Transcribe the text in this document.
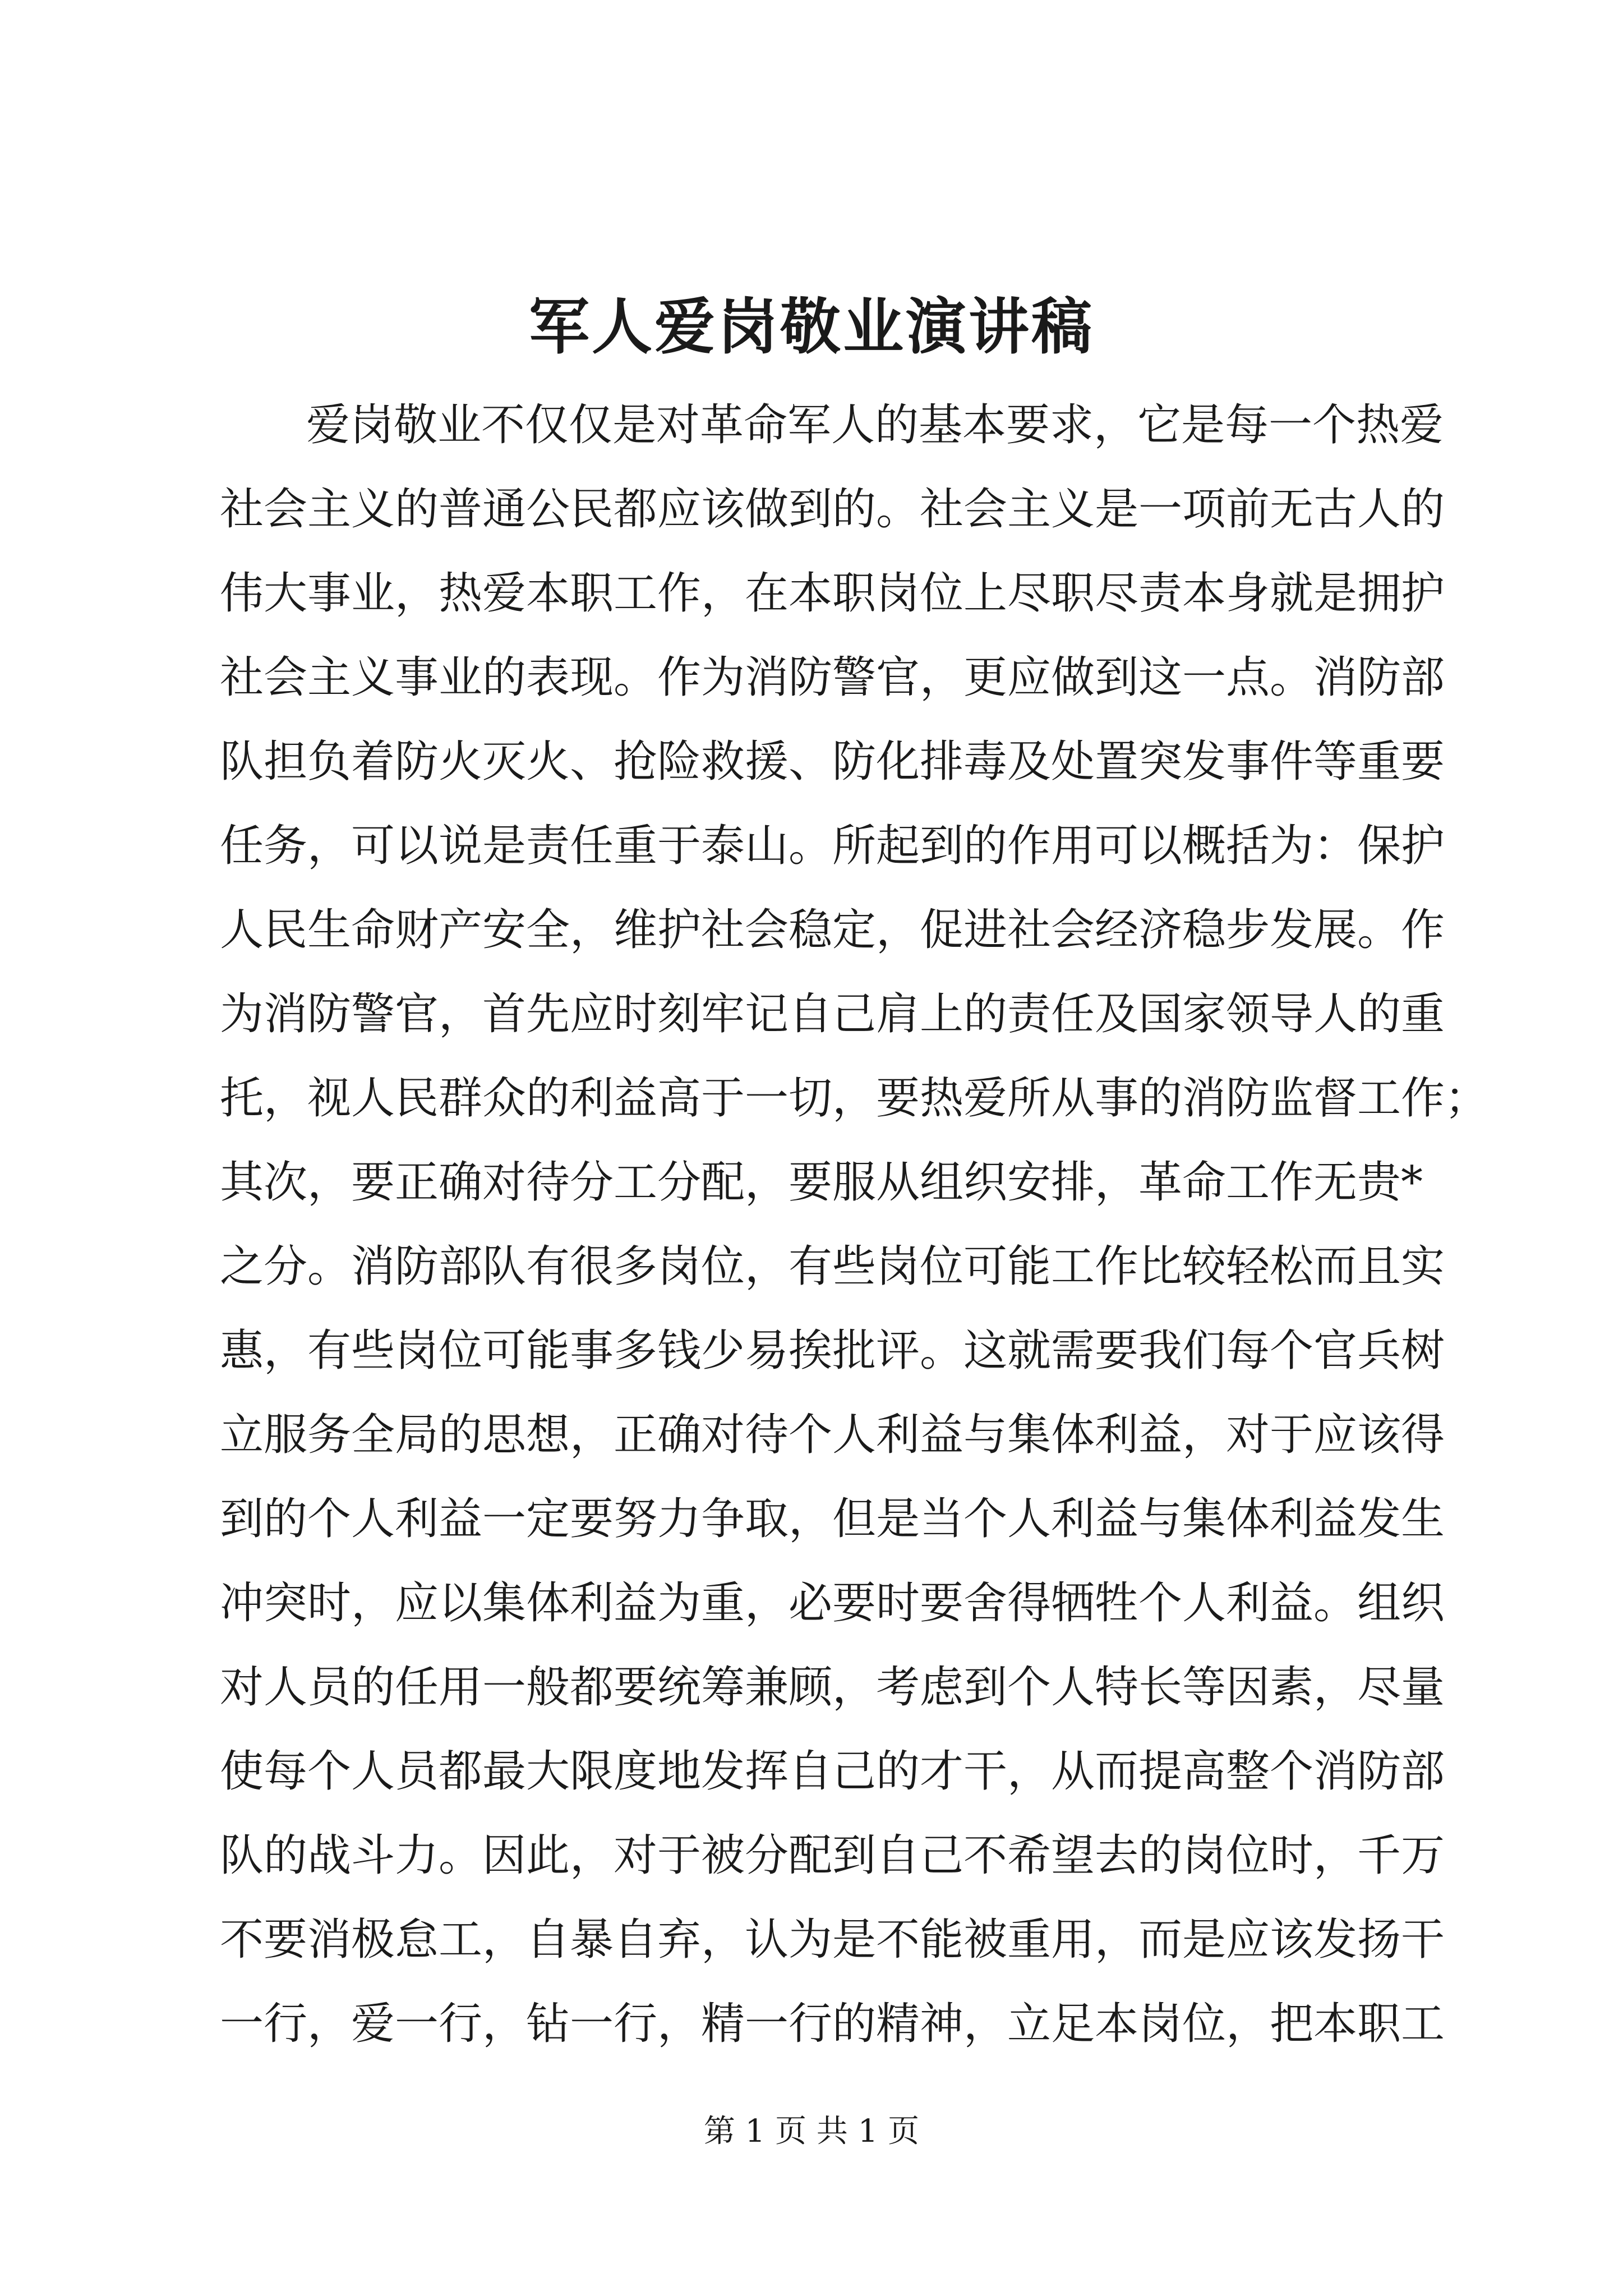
军人爱岗敬业演讲稿
爱岗敬业不仅仅是对革命军人的基本要求，它是每一个热爱
社会主义的普通公民都应该做到的。社会主义是一项前无古人的
伟大事业，热爱本职工作，在本职岗位上尽职尽责本身就是拥护
社会主义事业的表现。作为消防警官，更应做到这一点。消防部
队担负着防火灭火、抢险救援、防化排毒及处置突发事件等重要
任务，可以说是责任重于泰山。所起到的作用可以概括为：保护
人民生命财产安全，维护社会稳定，促进社会经济稳步发展。作
为消防警官，首先应时刻牢记自己肩上的责任及国家领导人的重
托，视人民群众的利益高于一切，要热爱所从事的消防监督工作；
其次，要正确对待分工分配，要服从组织安排，革命工作无贵*
之分。消防部队有很多岗位，有些岗位可能工作比较轻松而且实
惠，有些岗位可能事多钱少易挨批评。这就需要我们每个官兵树
立服务全局的思想，正确对待个人利益与集体利益，对于应该得
到的个人利益一定要努力争取，但是当个人利益与集体利益发生
冲突时，应以集体利益为重，必要时要舍得牺牲个人利益。组织
对人员的任用一般都要统筹兼顾，考虑到个人特长等因素，尽量
使每个人员都最大限度地发挥自己的才干，从而提高整个消防部
队的战斗力。因此，对于被分配到自己不希望去的岗位时，千万
不要消极怠工，自暴自弃，认为是不能被重用，而是应该发扬干
一行，爱一行，钻一行，精一行的精神，立足本岗位，把本职工
第 1 页 共 1 页
